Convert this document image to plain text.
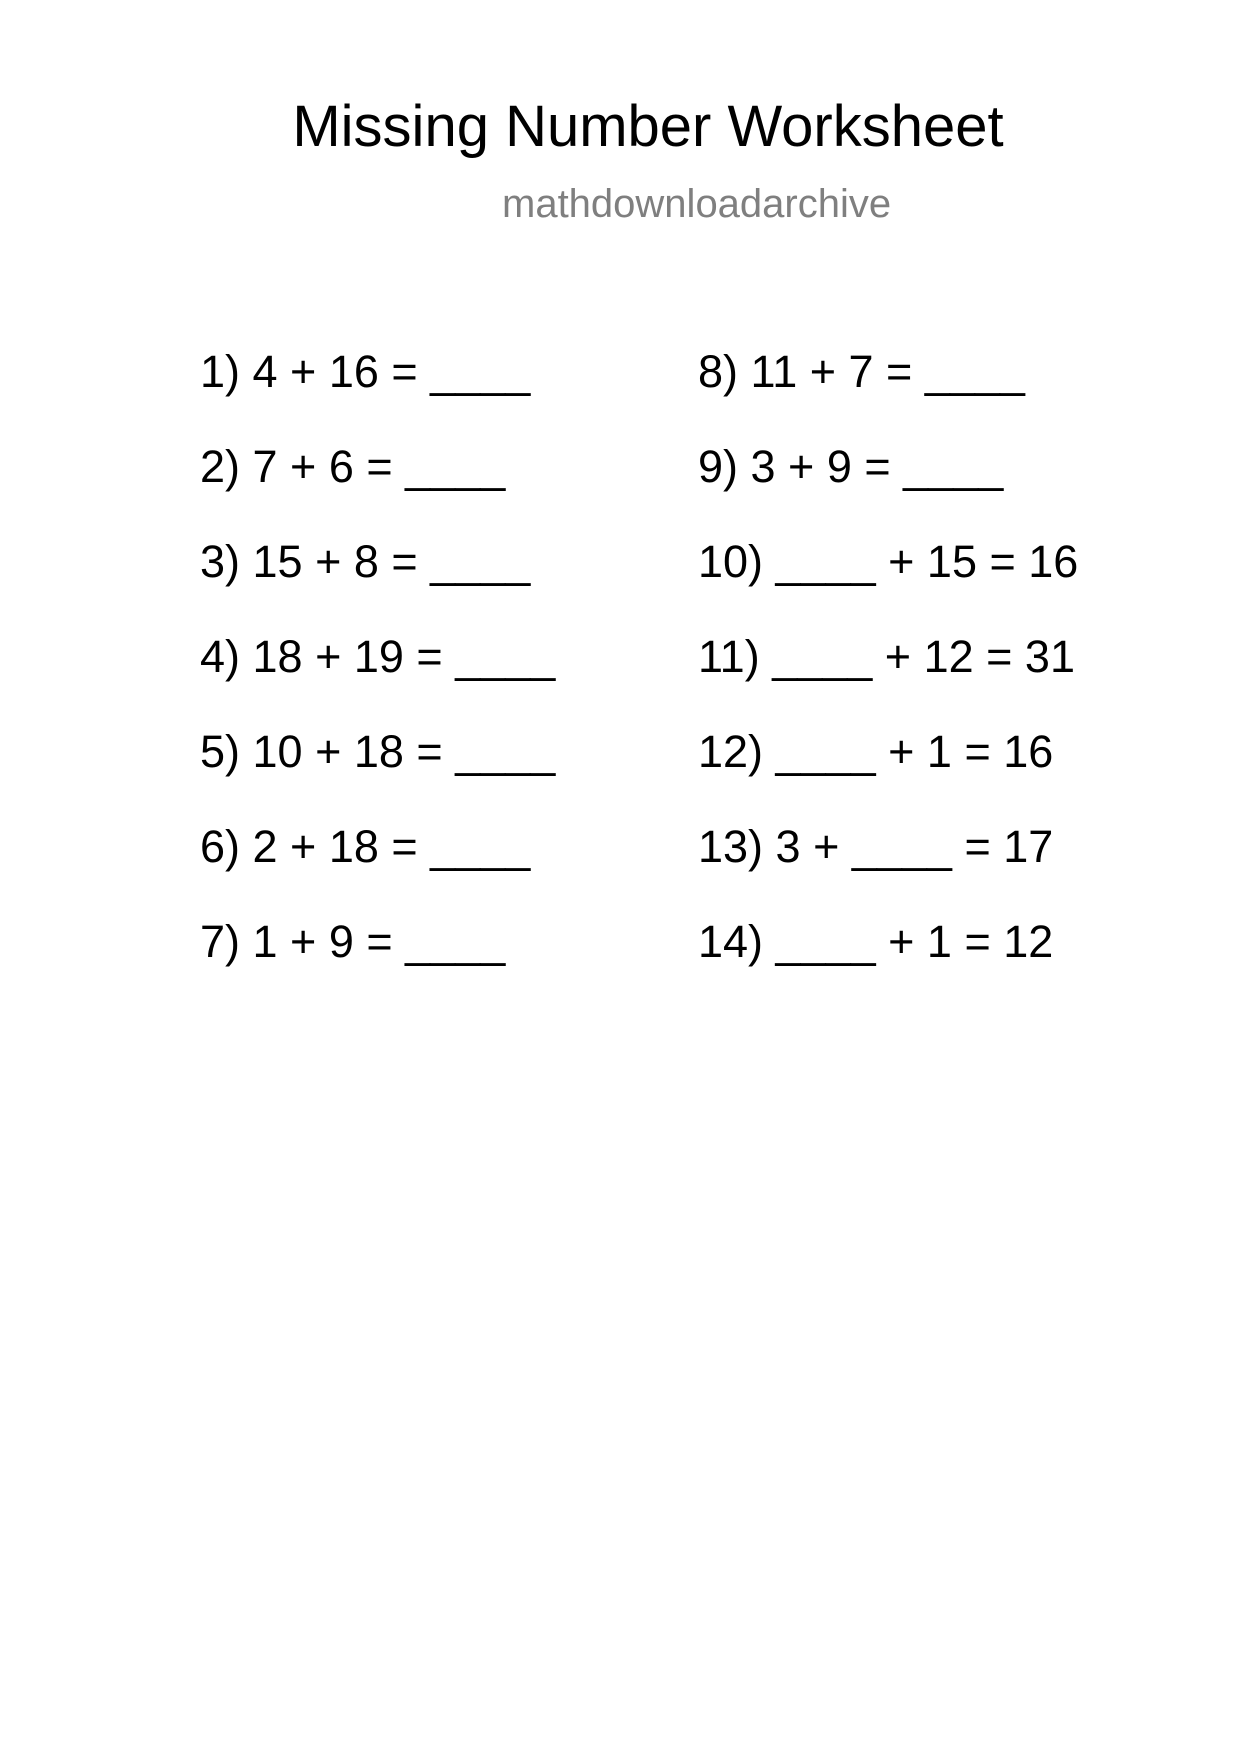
Missing Number Worksheet
mathdownloadarchive
1) 4 + 16 = ____
2) 7 + 6 = ____
3) 15 + 8 = ____
4) 18 + 19 = ____
5) 10 + 18 = ____
6) 2 + 18 = ____
7) 1 + 9 = ____
8) 11 + 7 = ____
9) 3 + 9 = ____
10) ____ + 15 = 16
11) ____ + 12 = 31
12) ____ + 1 = 16
13) 3 + ____ = 17
14) ____ + 1 = 12
